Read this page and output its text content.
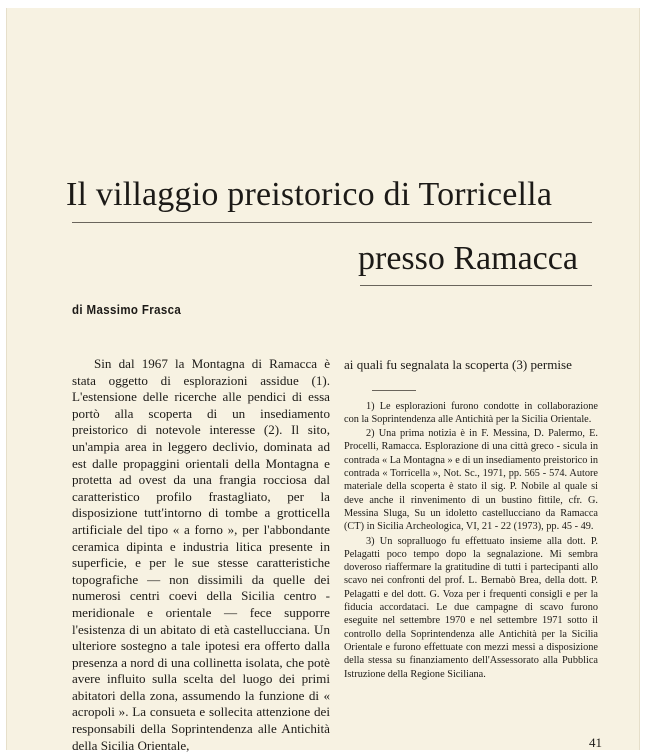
Il villaggio preistorico di Torricella
presso Ramacca
di Massimo Frasca

Sin dal 1967 la Montagna di Ramacca è stata oggetto di esplorazioni assidue (1). L'estensione delle ricerche alle pendici di essa portò alla scoperta di un insediamento preistorico di notevole interesse (2). Il sito, un'ampia area in leggero declivio, dominata ad est dalle propaggini orientali della Montagna e protetta ad ovest da una frangia rocciosa dal caratteristico profilo frastagliato, per la disposizione tutt'intorno di tombe a grotticella artificiale del tipo « a forno », per l'abbondante ceramica dipinta e industria litica presente in superficie, e per le sue stesse caratteristiche topografiche — non dissimili da quelle dei numerosi centri coevi della Sicilia centro - meridionale e orientale — fece supporre l'esistenza di un abitato di età castellucciana. Un ulteriore sostegno a tale ipotesi era offerto dalla presenza a nord di una collinetta isolata, che potè avere influito sulla scelta del luogo dei primi abitatori della zona, assumendo la funzione di « acropoli ». La consueta e sollecita attenzione dei responsabili della Soprintendenza alle Antichità della Sicilia Orientale,

ai quali fu segnalata la scoperta (3) permise

1) Le esplorazioni furono condotte in collaborazione con la Soprintendenza alle Antichità per la Sicilia Orientale.

2) Una prima notizia è in F. Messina, D. Palermo, E. Procelli, Ramacca. Esplorazione di una città greco - sicula in contrada « La Montagna » e di un insediamento preistorico in contrada « Torricella », Not. Sc., 1971, pp. 565 - 574. Autore materiale della scoperta è stato il sig. P. Nobile al quale si deve anche il rinvenimento di un bustino fittile, cfr. G. Messina Sluga, Su un idoletto castellucciano da Ramacca (CT) in Sicilia Archeologica, VI, 21 - 22 (1973), pp. 45 - 49.

3) Un sopralluogo fu effettuato insieme alla dott. P. Pelagatti poco tempo dopo la segnalazione. Mi sembra doveroso riaffermare la gratitudine di tutti i partecipanti allo scavo nei confronti del prof. L. Bernabò Brea, della dott. P. Pelagatti e del dott. G. Voza per i frequenti consigli e per la fiducia accordataci. Le due campagne di scavo furono eseguite nel settembre 1970 e nel settembre 1971 sotto il controllo della Soprintendenza alle Antichità per la Sicilia Orientale e furono effettuate con mezzi messi a disposizione della stessa su finanziamento dell'Assessorato alla Pubblica Istruzione della Regione Siciliana.

41
